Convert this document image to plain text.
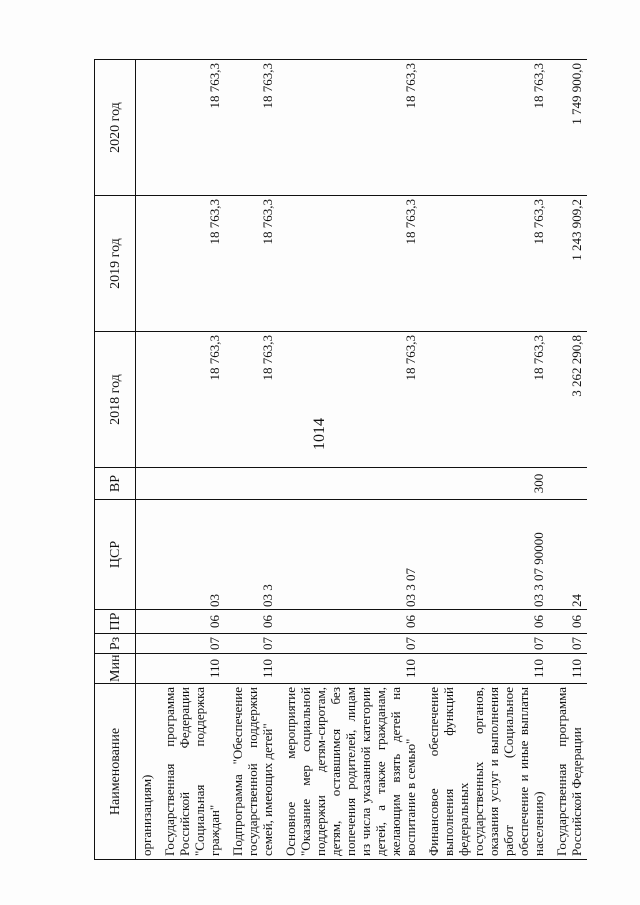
1014
Наименование	Мин	Рз	ПР	ЦСР	ВР	2018 год	2019 год	2020 год
организациям)								
Государственная программа Российской Федерации "Социальная поддержка граждан"	110	07	06	03		18 763,3	18 763,3	18 763,3
Подпрограмма "Обеспечение государственной поддержки семей, имеющих детей"	110	07	06	03 3		18 763,3	18 763,3	18 763,3
Основное мероприятие "Оказание мер социальной поддержки детям-сиротам, детям, оставшимся без попечения родителей, лицам из числа указанной категории детей, а также гражданам, желающим взять детей на воспитание в семью"	110	07	06	03 3 07		18 763,3	18 763,3	18 763,3
Финансовое обеспечение выполнения функций федеральных государственных органов, оказания услуг и выполнения работ (Социальное обеспечение и иные выплаты населению)	110	07	06	03 3 07 90000	300	18 763,3	18 763,3	18 763,3
Государственная программа Российской Федерации	110	07	06	24		3 262 290,8	1 243 909,2	1 749 900,0
